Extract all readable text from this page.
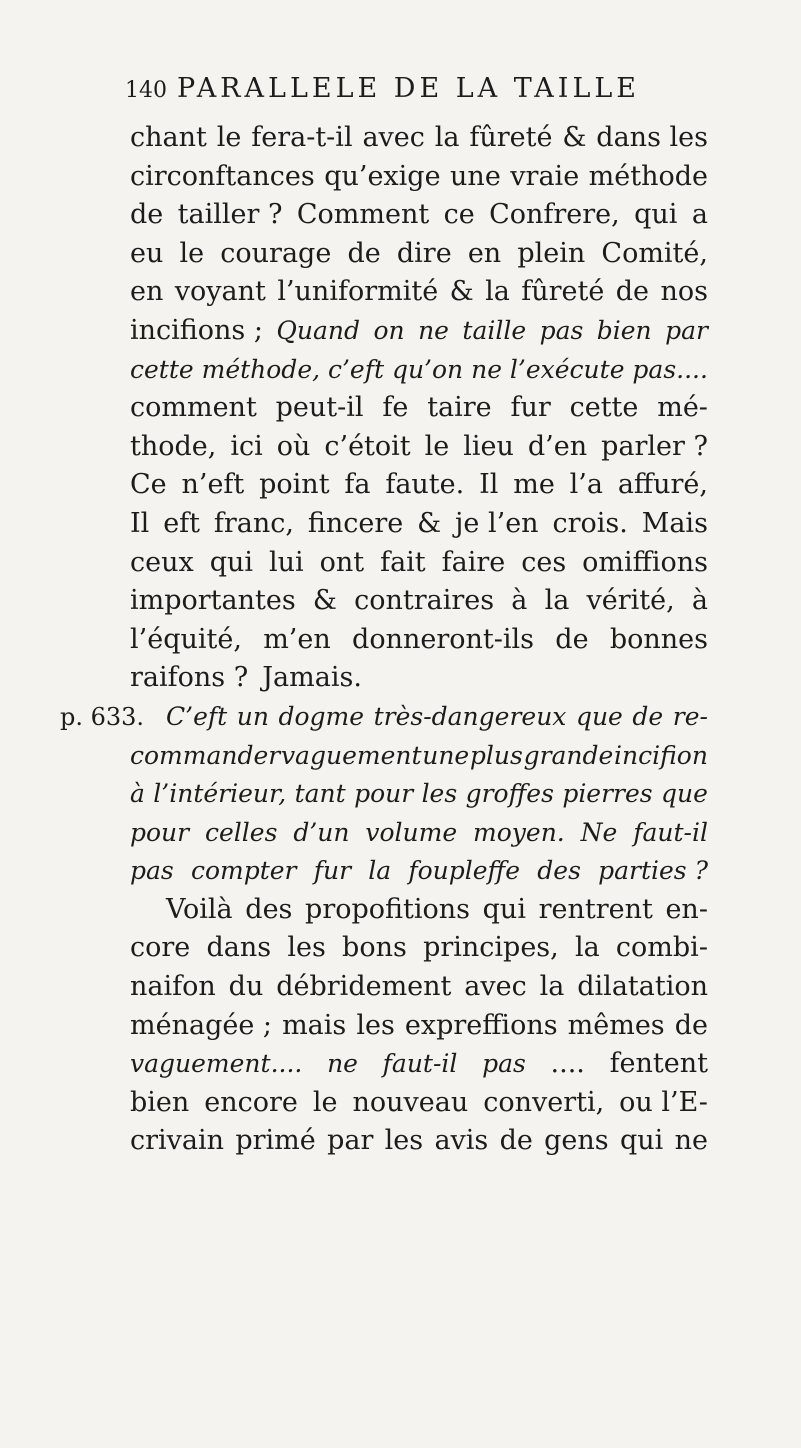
140 PARALLELE DE LA TAILLE
p. 633.
chant le fera-t-il avec la fûreté & dans les
circonftances qu’exige une vraie méthode
de tailler ? Comment ce Confrere, qui a
eu le courage de dire en plein Comité,
en voyant l’uniformité & la fûreté de nos
incifions ; Quand on ne taille pas bien par
cette méthode, c’eft qu’on ne l’exécute pas....
comment peut-il fe taire fur cette mé-
thode, ici où c’étoit le lieu d’en parler ?
Ce n’eft point fa faute. Il me l’a affuré,
Il eft franc, fincere & je l’en crois. Mais
ceux qui lui ont fait faire ces omiffions
importantes & contraires à la vérité, à
l’équité, m’en donneront-ils de bonnes
raifons ? Jamais.
C’eft un dogme très-dangereux que de re-
commander vaguement une plus grande incifion
à l’intérieur, tant pour les groffes pierres que
pour celles d’un volume moyen. Ne faut-il
pas compter fur la foupleffe des parties ?
Voilà des propofitions qui rentrent en-
core dans les bons principes, la combi-
naifon du débridement avec la dilatation
ménagée ; mais les expreffions mêmes de
vaguement.... ne faut-il pas .... fentent
bien encore le nouveau converti, ou l’E-
crivain primé par les avis de gens qui ne
